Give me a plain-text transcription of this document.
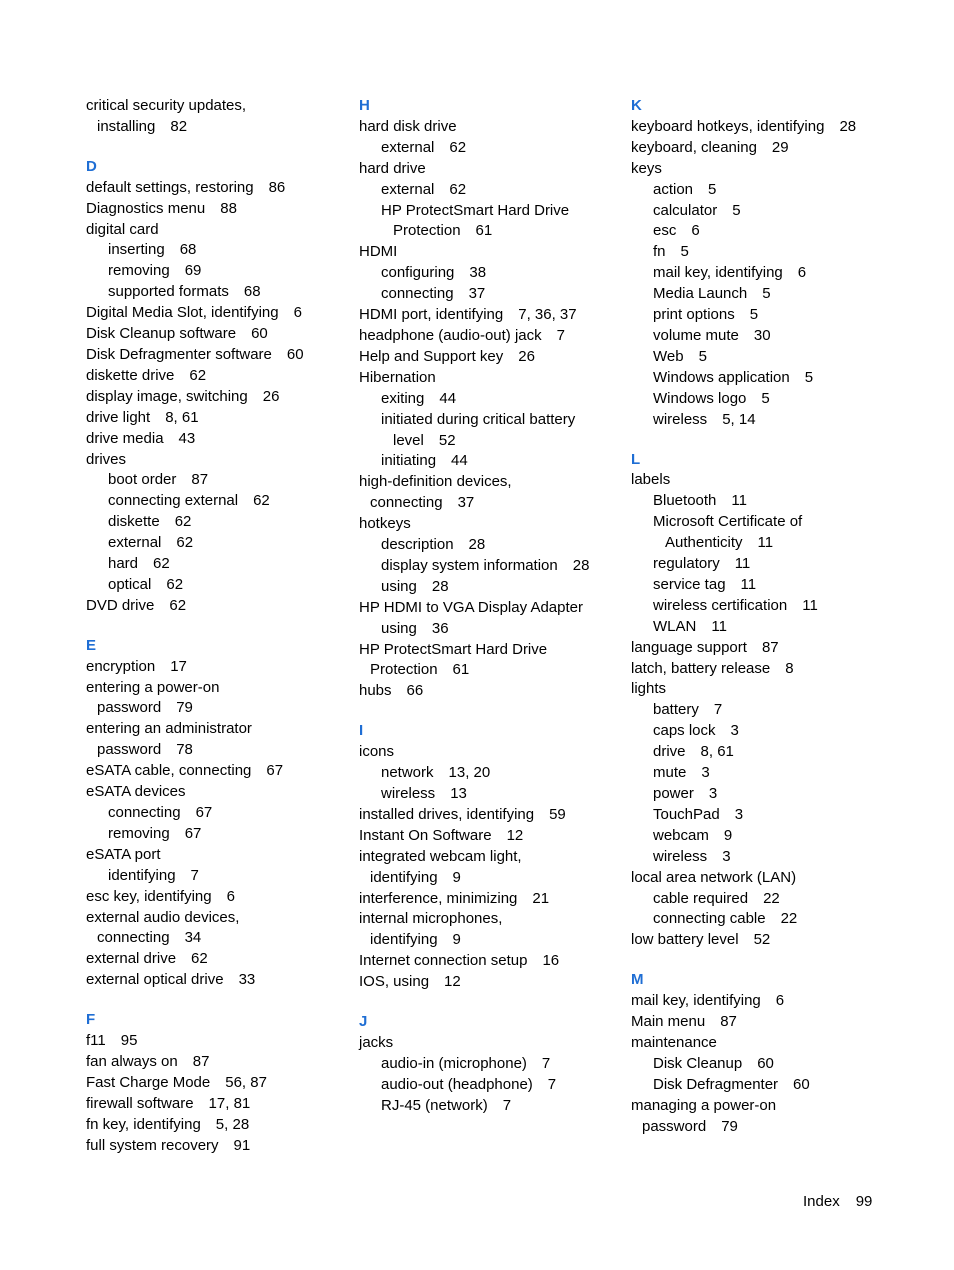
critical security updates,
installing 82
D
default settings, restoring 86
Diagnostics menu 88
digital card
inserting 68
removing 69
supported formats 68
Digital Media Slot, identifying 6
Disk Cleanup software 60
Disk Defragmenter software 60
diskette drive 62
display image, switching 26
drive light 8, 61
drive media 43
drives
boot order 87
connecting external 62
diskette 62
external 62
hard 62
optical 62
DVD drive 62
E
encryption 17
entering a power-on
password 79
entering an administrator
password 78
eSATA cable, connecting 67
eSATA devices
connecting 67
removing 67
eSATA port
identifying 7
esc key, identifying 6
external audio devices,
connecting 34
external drive 62
external optical drive 33
F
f11 95
fan always on 87
Fast Charge Mode 56, 87
firewall software 17, 81
fn key, identifying 5, 28
full system recovery 91
H
hard disk drive
external 62
hard drive
external 62
HP ProtectSmart Hard Drive
Protection 61
HDMI
configuring 38
connecting 37
HDMI port, identifying 7, 36, 37
headphone (audio-out) jack 7
Help and Support key 26
Hibernation
exiting 44
initiated during critical battery
level 52
initiating 44
high-definition devices,
connecting 37
hotkeys
description 28
display system information 28
using 28
HP HDMI to VGA Display Adapter
using 36
HP ProtectSmart Hard Drive
Protection 61
hubs 66
I
icons
network 13, 20
wireless 13
installed drives, identifying 59
Instant On Software 12
integrated webcam light,
identifying 9
interference, minimizing 21
internal microphones,
identifying 9
Internet connection setup 16
IOS, using 12
J
jacks
audio-in (microphone) 7
audio-out (headphone) 7
RJ-45 (network) 7
K
keyboard hotkeys, identifying 28
keyboard, cleaning 29
keys
action 5
calculator 5
esc 6
fn 5
mail key, identifying 6
Media Launch 5
print options 5
volume mute 30
Web 5
Windows application 5
Windows logo 5
wireless 5, 14
L
labels
Bluetooth 11
Microsoft Certificate of
Authenticity 11
regulatory 11
service tag 11
wireless certification 11
WLAN 11
language support 87
latch, battery release 8
lights
battery 7
caps lock 3
drive 8, 61
mute 3
power 3
TouchPad 3
webcam 9
wireless 3
local area network (LAN)
cable required 22
connecting cable 22
low battery level 52
M
mail key, identifying 6
Main menu 87
maintenance
Disk Cleanup 60
Disk Defragmenter 60
managing a power-on
password 79
Index 99
